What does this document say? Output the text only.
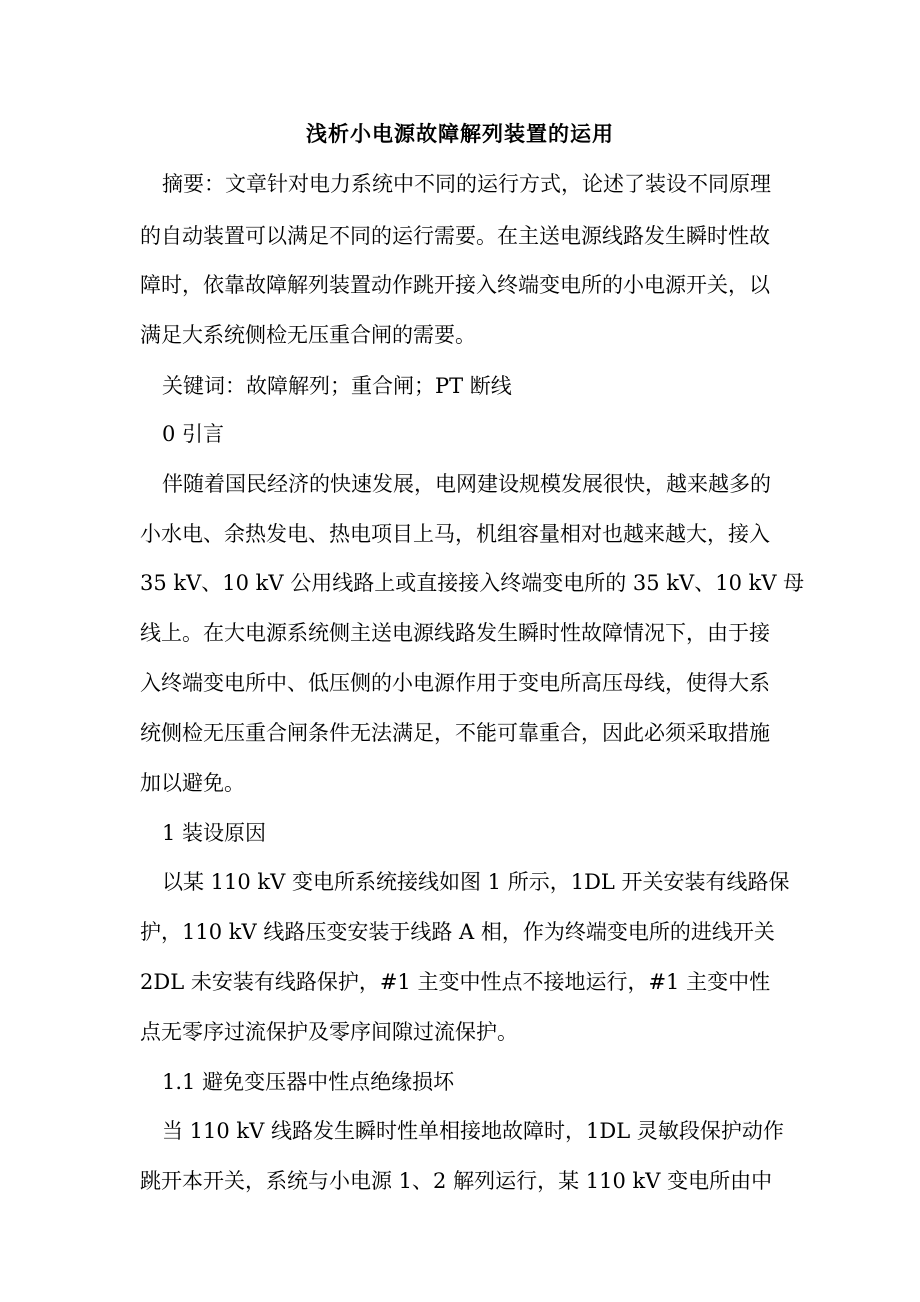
浅析小电源故障解列装置的运用
摘要：文章针对电力系统中不同的运行方式，论述了装设不同原理
的自动装置可以满足不同的运行需要。在主送电源线路发生瞬时性故
障时，依靠故障解列装置动作跳开接入终端变电所的小电源开关，以
满足大系统侧检无压重合闸的需要。
关键词：故障解列；重合闸；PT 断线
0 引言
伴随着国民经济的快速发展，电网建设规模发展很快，越来越多的
小水电、余热发电、热电项目上马，机组容量相对也越来越大，接入
35 kV、10 kV 公用线路上或直接接入终端变电所的 35 kV、10 kV 母
线上。在大电源系统侧主送电源线路发生瞬时性故障情况下，由于接
入终端变电所中、低压侧的小电源作用于变电所高压母线，使得大系
统侧检无压重合闸条件无法满足，不能可靠重合，因此必须采取措施
加以避免。
1 装设原因
以某 110 kV 变电所系统接线如图 1 所示，1DL 开关安装有线路保
护，110 kV 线路压变安装于线路 A 相，作为终端变电所的进线开关
2DL 未安装有线路保护，#1 主变中性点不接地运行，#1 主变中性
点无零序过流保护及零序间隙过流保护。
1.1 避免变压器中性点绝缘损坏
当 110 kV 线路发生瞬时性单相接地故障时，1DL 灵敏段保护动作
跳开本开关，系统与小电源 1、2 解列运行，某 110 kV 变电所由中
